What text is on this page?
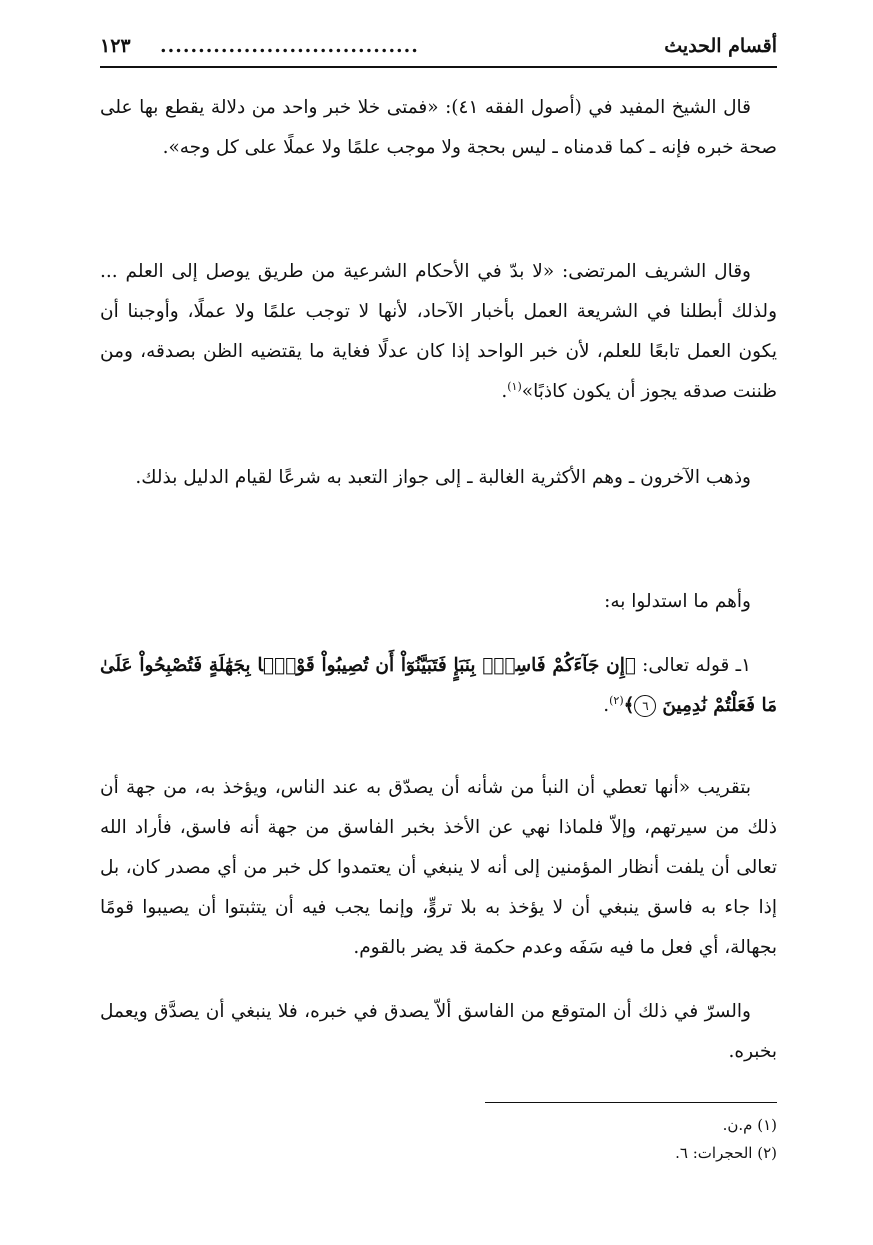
أقسام الحديث
..................................
١٢٣

قال الشيخ المفيد في (أصول الفقه ٤١): «فمتى خلا خبر واحد من دلالة يقطع بها على صحة خبره فإنه ـ كما قدمناه ـ ليس بحجة ولا موجب علمًا ولا عملًا على كل وجه».

وقال الشريف المرتضى: «لا بدّ في الأحكام الشرعية من طريق يوصل إلى العلم ... ولذلك أبطلنا في الشريعة العمل بأخبار الآحاد، لأنها لا توجب علمًا ولا عملًا، وأوجبنا أن يكون العمل تابعًا للعلم، لأن خبر الواحد إذا كان عدلًا فغاية ما يقتضيه الظن بصدقه، ومن ظننت صدقه يجوز أن يكون كاذبًا»$^{(١)}$.

وذهب الآخرون ـ وهم الأكثرية الغالبة ـ إلى جواز التعبد به شرعًا لقيام الدليل بذلك.

وأهم ما استدلوا به:

١ـ قوله تعالى: ﴿إِن جَآءَكُمْ فَاسِقُۢ بِنَبَإٍ فَتَبَيَّنُوٓاْ أَن تُصِيبُواْ قَوْمَۢا بِجَهَٰلَةٍ فَتُصْبِحُواْ عَلَىٰ مَا فَعَلْتُمْ نَٰدِمِينَ ٦﴾$^{(٢)}$.

بتقريب «أنها تعطي أن النبأ من شأنه أن يصدّق به عند الناس، ويؤخذ به، من جهة أن ذلك من سيرتهم، وإلاّ فلماذا نهي عن الأخذ بخبر الفاسق من جهة أنه فاسق، فأراد الله تعالى أن يلفت أنظار المؤمنين إلى أنه لا ينبغي أن يعتمدوا كل خبر من أي مصدر كان، بل إذا جاء به فاسق ينبغي أن لا يؤخذ به بلا تروٍّ، وإنما يجب فيه أن يتثبتوا أن يصيبوا قومًا بجهالة، أي فعل ما فيه سَفَه وعدم حكمة قد يضر بالقوم.

والسرّ في ذلك أن المتوقع من الفاسق ألاّ يصدق في خبره، فلا ينبغي أن يصدَّق ويعمل بخبره.

(١) م.ن.
(٢) الحجرات: ٦.
